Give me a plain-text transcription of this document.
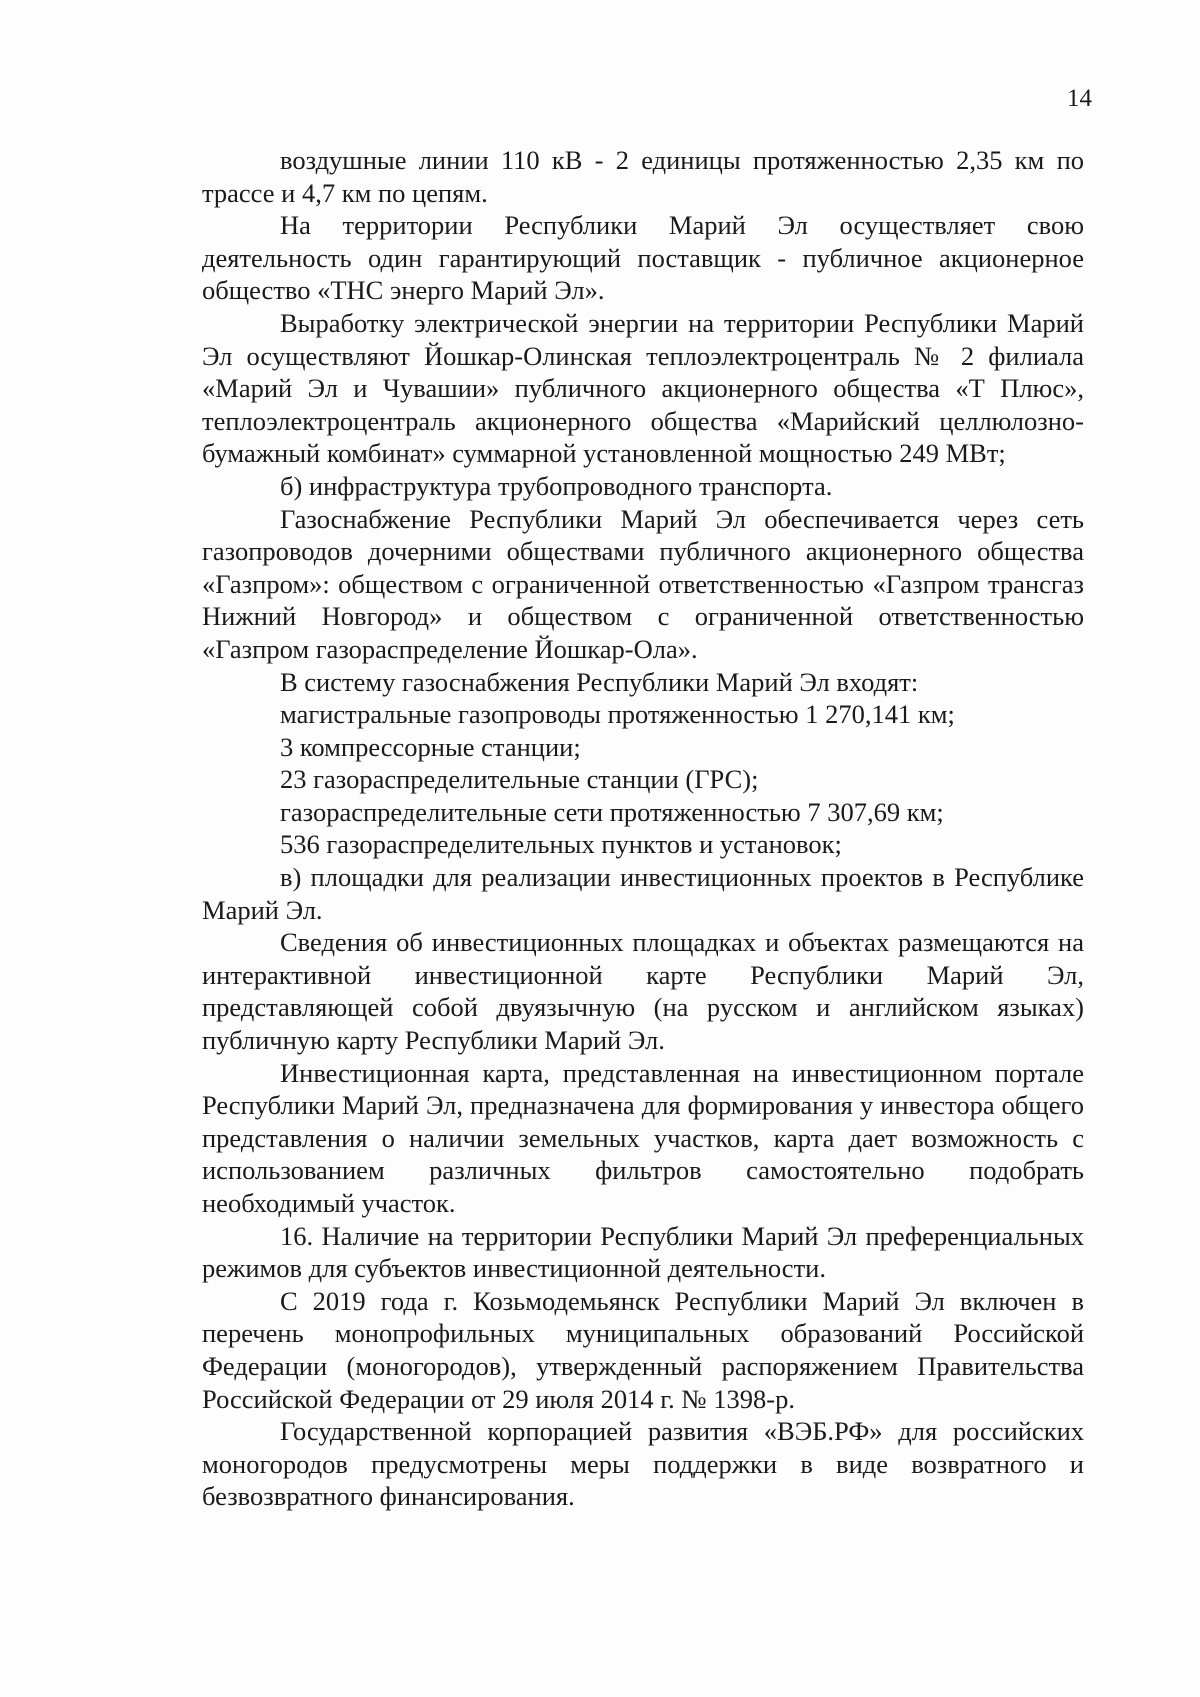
14

воздушные линии 110 кВ - 2 единицы протяженностью 2,35 км по трассе и 4,7 км по цепям.

На территории Республики Марий Эл осуществляет свою деятельность один гарантирующий поставщик - публичное акционерное общество «ТНС энерго Марий Эл».

Выработку электрической энергии на территории Республики Марий Эл осуществляют Йошкар-Олинская теплоэлектроцентраль № 2 филиала «Марий Эл и Чувашии» публичного акционерного общества «Т Плюс», теплоэлектроцентраль акционерного общества «Марийский целлюлозно-бумажный комбинат» суммарной установленной мощностью 249 МВт;

б) инфраструктура трубопроводного транспорта.

Газоснабжение Республики Марий Эл обеспечивается через сеть газопроводов дочерними обществами публичного акционерного общества «Газпром»: обществом с ограниченной ответственностью «Газпром трансгаз Нижний Новгород» и обществом с ограниченной ответственностью «Газпром газораспределение Йошкар-Ола».

В систему газоснабжения Республики Марий Эл входят:

магистральные газопроводы протяженностью 1 270,141 км;

3 компрессорные станции;

23 газораспределительные станции (ГРС);

газораспределительные сети протяженностью 7 307,69 км;

536 газораспределительных пунктов и установок;

в) площадки для реализации инвестиционных проектов в Республике Марий Эл.

Сведения об инвестиционных площадках и объектах размещаются на интерактивной инвестиционной карте Республики Марий Эл, представляющей собой двуязычную (на русском и английском языках) публичную карту Республики Марий Эл.

Инвестиционная карта, представленная на инвестиционном портале Республики Марий Эл, предназначена для формирования у инвестора общего представления о наличии земельных участков, карта дает возможность с использованием различных фильтров самостоятельно подобрать необходимый участок.

16. Наличие на территории Республики Марий Эл преференциальных режимов для субъектов инвестиционной деятельности.

С 2019 года г. Козьмодемьянск Республики Марий Эл включен в перечень монопрофильных муниципальных образований Российской Федерации (моногородов), утвержденный распоряжением Правительства Российской Федерации от 29 июля 2014 г. № 1398-р.

Государственной корпорацией развития «ВЭБ.РФ» для российских моногородов предусмотрены меры поддержки в виде возвратного и безвозвратного финансирования.
